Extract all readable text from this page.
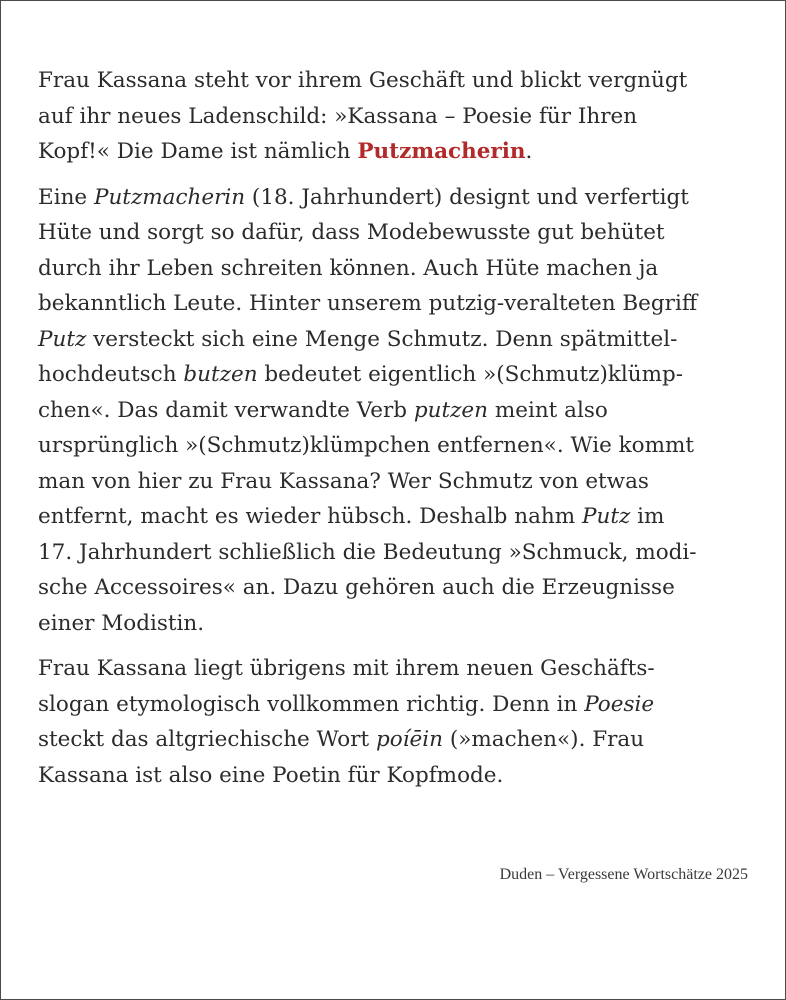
Frau Kassana steht vor ihrem Geschäft und blickt vergnügt
auf ihr neues Ladenschild: »Kassana – Poesie für Ihren
Kopf!« Die Dame ist nämlich Putzmacherin.

Eine Putzmacherin (18. Jahrhundert) designt und verfertigt
Hüte und sorgt so dafür, dass Modebewusste gut behütet
durch ihr Leben schreiten können. Auch Hüte machen ja
bekanntlich Leute. Hinter unserem putzig-veralteten Begriff
Putz versteckt sich eine Menge Schmutz. Denn spätmittel-
hochdeutsch butzen bedeutet eigentlich »(Schmutz)klümp-
chen«. Das damit verwandte Verb putzen meint also
ursprünglich »(Schmutz)klümpchen entfernen«. Wie kommt
man von hier zu Frau Kassana? Wer Schmutz von etwas
entfernt, macht es wieder hübsch. Deshalb nahm Putz im
17. Jahrhundert schließlich die Bedeutung »Schmuck, modi-
sche Accessoires« an. Dazu gehören auch die Erzeugnisse
einer Modistin.

Frau Kassana liegt übrigens mit ihrem neuen Geschäfts-
slogan etymologisch vollkommen richtig. Denn in Poesie
steckt das altgriechische Wort poíēin (»machen«). Frau
Kassana ist also eine Poetin für Kopfmode.

Duden – Vergessene Wortschätze 2025
